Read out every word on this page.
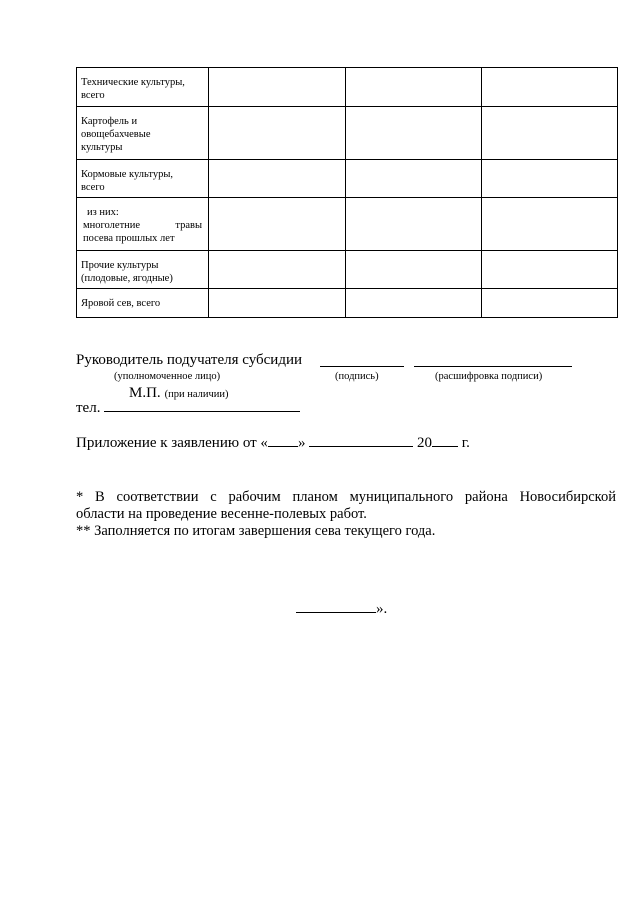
Технические культуры,
всего			

Картофель и
овощебахчевые
культуры			

Кормовые культуры,
всего			

из них:
многолетние травы
посева прошлых лет			

Прочие культуры
(плодовые, ягодные)			

Яровой сев, всего			

Руководитель подучателя субсидии
(уполномоченное лицо)	(подпись)	(расшифровка подписи)
М.П. (при наличии)
тел.
Приложение к заявлению от « »	20 г.
* В соответствии с рабочим планом муниципального района Новосибирской
области на проведение весенне-полевых работ.
** Заполняется по итогам завершения сева текущего года.
».
